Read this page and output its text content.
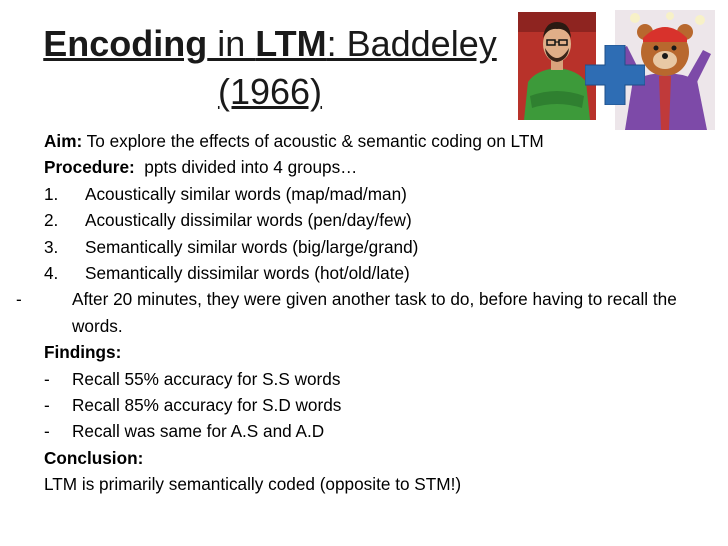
Encoding in LTM: Baddeley
(1966)
Aim: To explore the effects of acoustic & semantic coding on LTM
Procedure:  ppts divided into 4 groups…
1. Acoustically similar words (map/mad/man)
2. Acoustically dissimilar words (pen/day/few)
3. Semantically similar words (big/large/grand)
4. Semantically dissimilar words (hot/old/late)
-	After 20 minutes, they were given another task to do, before having to recall the words.
Findings:
- Recall 55% accuracy for S.S words
- Recall 85% accuracy for S.D words
- Recall was same for A.S and A.D
Conclusion:
LTM is primarily semantically coded (opposite to STM!)
